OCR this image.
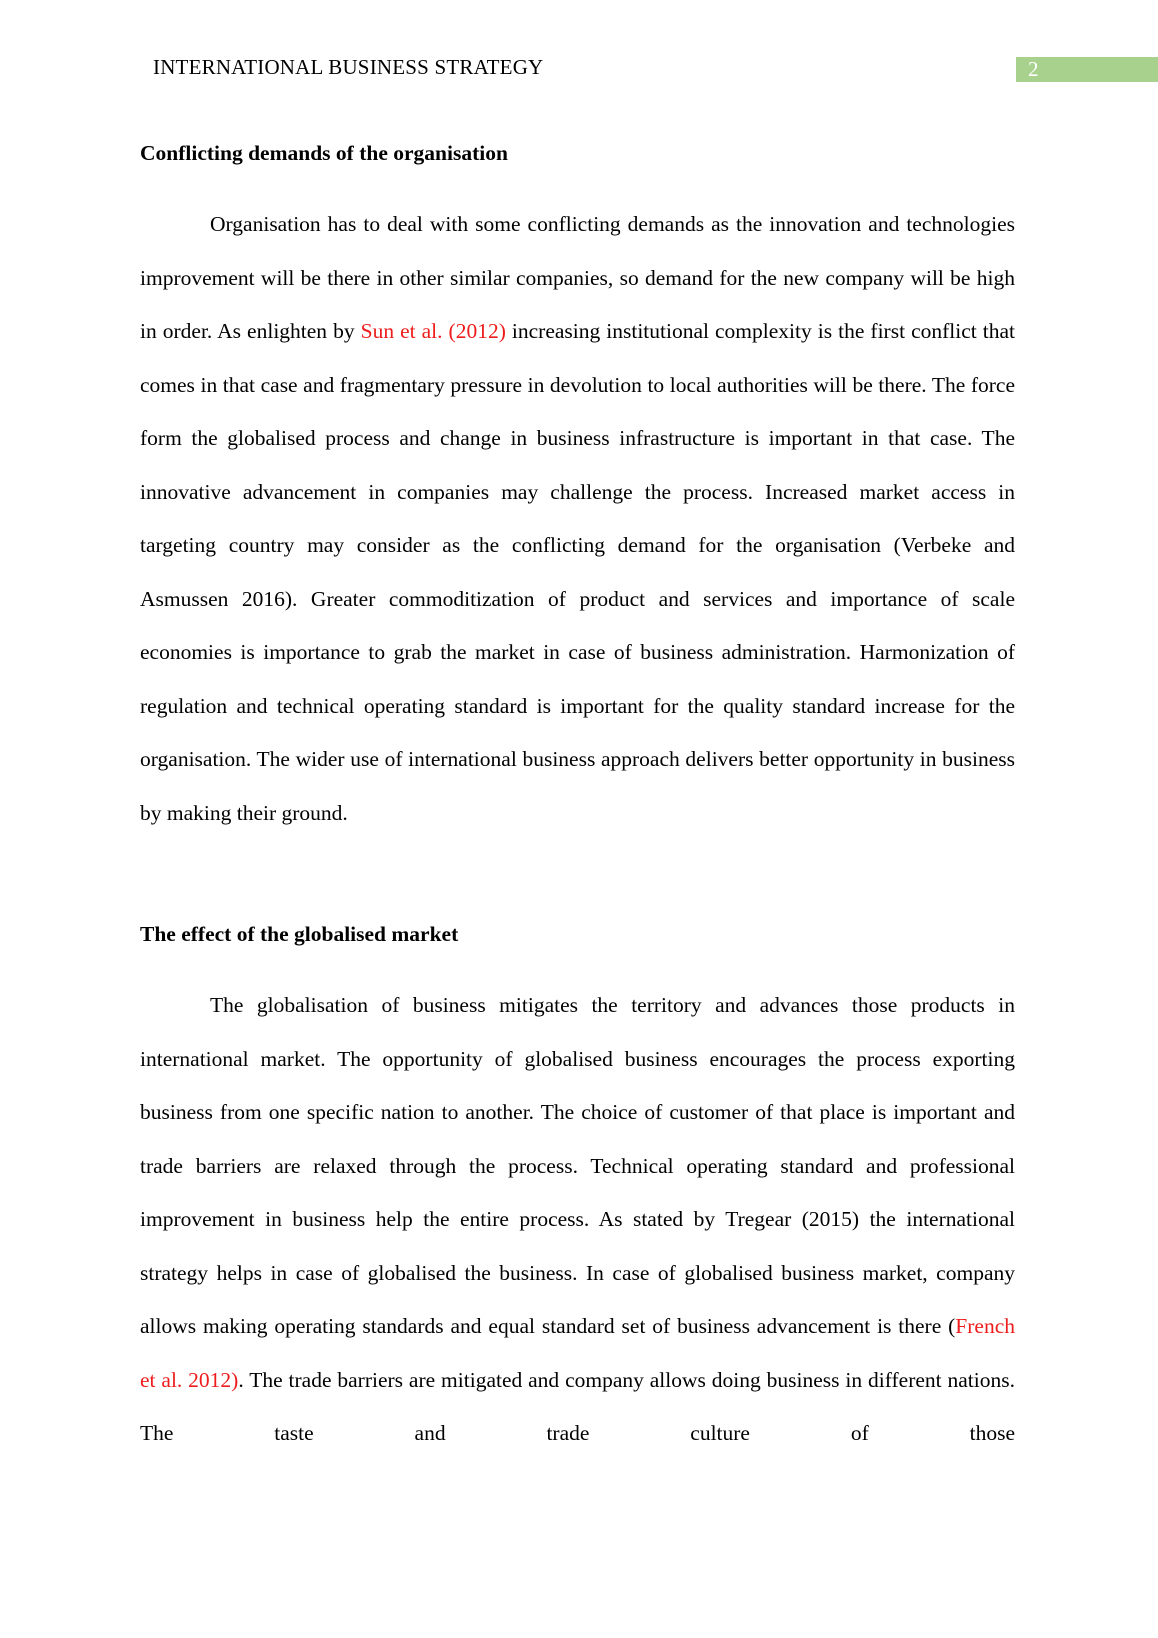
INTERNATIONAL BUSINESS STRATEGY	2
Conflicting demands of the organisation

Organisation has to deal with some conflicting demands as the innovation and technologies improvement will be there in other similar companies, so demand for the new company will be high in order. As enlighten by Sun et al. (2012) increasing institutional complexity is the first conflict that comes in that case and fragmentary pressure in devolution to local authorities will be there. The force form the globalised process and change in business infrastructure is important in that case. The innovative advancement in companies may challenge the process. Increased market access in targeting country may consider as the conflicting demand for the organisation (Verbeke and Asmussen 2016). Greater commoditization of product and services and importance of scale economies is importance to grab the market in case of business administration. Harmonization of regulation and technical operating standard is important for the quality standard increase for the organisation. The wider use of international business approach delivers better opportunity in business by making their ground.

The effect of the globalised market

The globalisation of business mitigates the territory and advances those products in international market. The opportunity of globalised business encourages the process exporting business from one specific nation to another. The choice of customer of that place is important and trade barriers are relaxed through the process. Technical operating standard and professional improvement in business help the entire process. As stated by Tregear (2015) the international strategy helps in case of globalised the business. In case of globalised business market, company allows making operating standards and equal standard set of business advancement is there (French et al. 2012). The trade barriers are mitigated and company allows doing business in different nations. The taste and trade culture of those
